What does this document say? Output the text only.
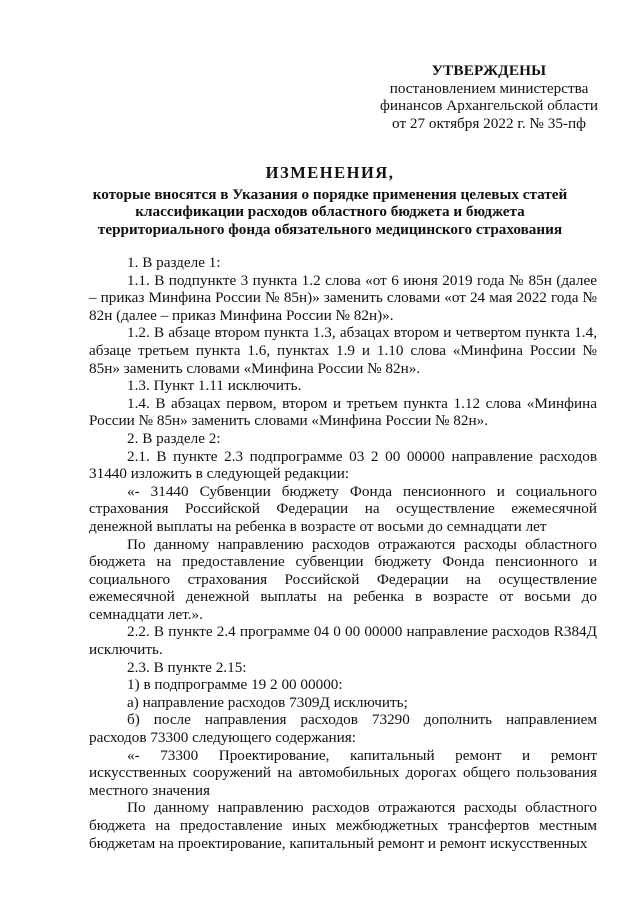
УТВЕРЖДЕНЫ
постановлением министерства
финансов Архангельской области
от 27 октября 2022 г. № 35-пф
ИЗМЕНЕНИЯ,
которые вносятся в Указания о порядке применения целевых статей
классификации расходов областного бюджета и бюджета
территориального фонда обязательного медицинского страхования

1. В разделе 1:

1.1. В подпункте 3 пункта 1.2 слова «от 6 июня 2019 года № 85н (далее – приказ Минфина России № 85н)» заменить словами «от 24 мая 2022 года № 82н (далее – приказ Минфина России № 82н)».

1.2. В абзаце втором пункта 1.3, абзацах втором и четвертом пункта 1.4, абзаце третьем пункта 1.6, пунктах 1.9 и 1.10 слова «Минфина России № 85н» заменить словами «Минфина России № 82н».

1.3. Пункт 1.11 исключить.

1.4. В абзацах первом, втором и третьем пункта 1.12 слова «Минфина России № 85н» заменить словами «Минфина России № 82н».

2. В разделе 2:

2.1. В пункте 2.3 подпрограмме 03 2 00 00000 направление расходов 31440 изложить в следующей редакции:

«- 31440 Субвенции бюджету Фонда пенсионного и социального страхования Российской Федерации на осуществление ежемесячной денежной выплаты на ребенка в возрасте от восьми до семнадцати лет

По данному направлению расходов отражаются расходы областного бюджета на предоставление субвенции бюджету Фонда пенсионного и социального страхования Российской Федерации на осуществление ежемесячной денежной выплаты на ребенка в возрасте от восьми до семнадцати лет.».

2.2. В пункте 2.4 программе 04 0 00 00000 направление расходов R384Д исключить.

2.3. В пункте 2.15:

1) в подпрограмме 19 2 00 00000:

а) направление расходов 7309Д исключить;

б) после направления расходов 73290 дополнить направлением расходов 73300 следующего содержания:

«- 73300 Проектирование, капитальный ремонт и ремонт искусственных сооружений на автомобильных дорогах общего пользования местного значения

По данному направлению расходов отражаются расходы областного бюджета на предоставление иных межбюджетных трансфертов местным бюджетам на проектирование, капитальный ремонт и ремонт искусственных
